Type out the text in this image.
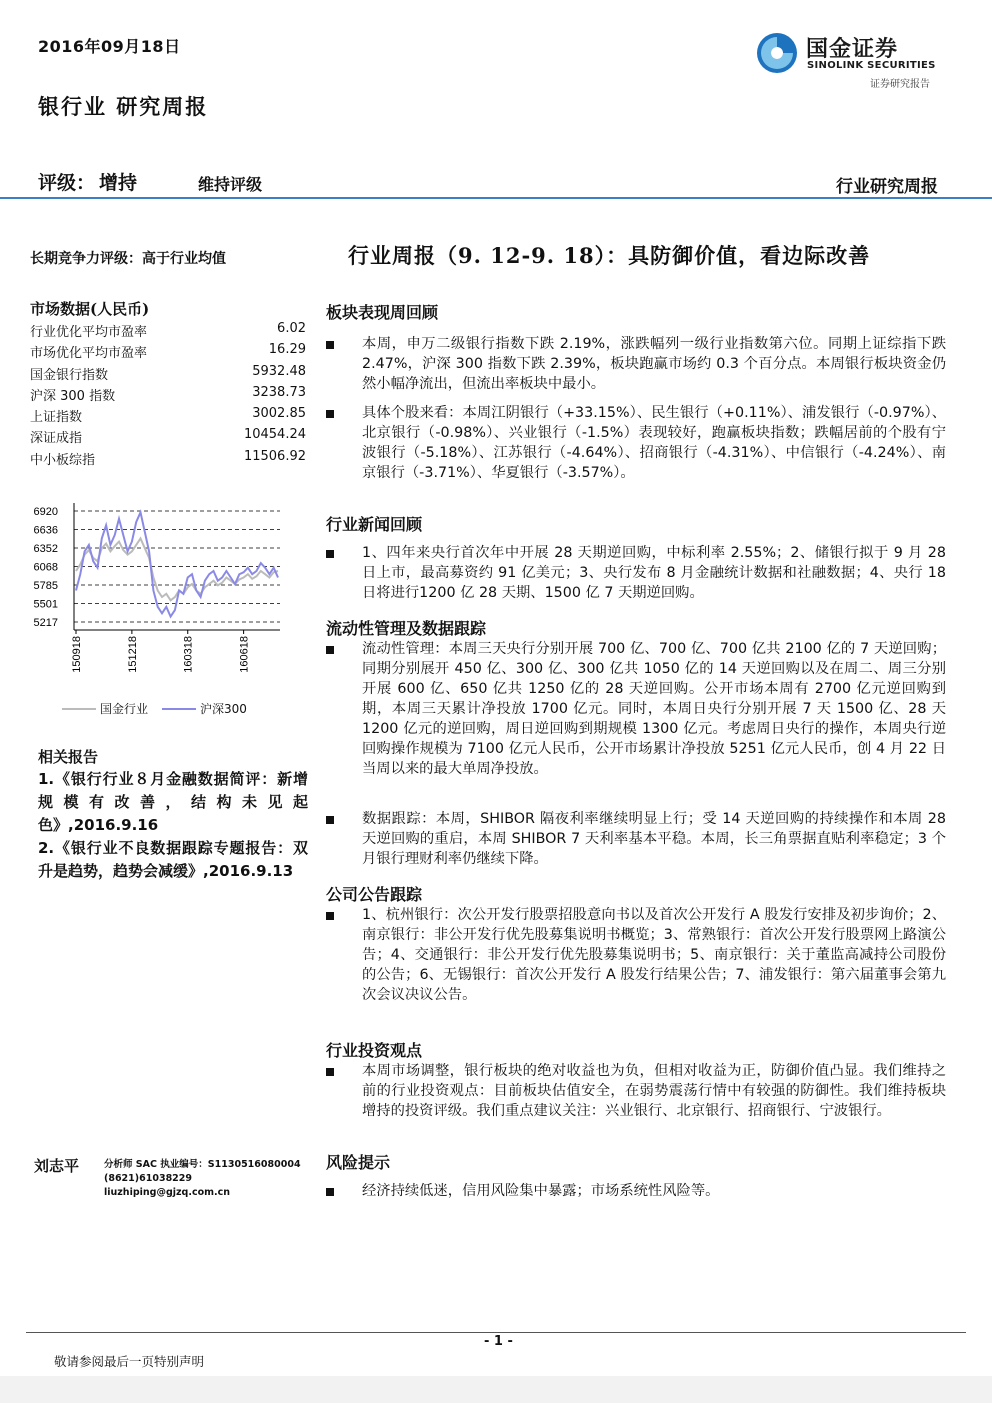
2016年09月18日	国金证券
SINOLINK SECURITIES
证券研究报告
银行业 研究周报
评级： 增持	维持评级	行业研究周报
长期竞争力评级：高于行业均值
市场数据(人民币)
行业优化平均市盈率	6.02
市场优化平均市盈率	16.29
国金银行指数	5932.48
沪深 300 指数	3238.73
上证指数	3002.85
深证成指	10454.24
中小板综指	11506.92
6920
6636
6352
6068
5785
5501
5217
150918	151218	160318	160618
国金行业	沪深300
相关报告
1.《银行行业８月金融数据简评：新增规模有改善，结构未见起色》,2016.9.16
2.《银行业不良数据跟踪专题报告：双升是趋势，趋势会减缓》,2016.9.13
刘志平	分析师 SAC 执业编号：S1130516080004
(8621)61038229
liuzhiping@gjzq.com.cn
行业周报（9. 12-9. 18）：具防御价值，看边际改善
板块表现周回顾
本周，申万二级银行指数下跌 2.19%，涨跌幅列一级行业指数第六位。同期上证综指下跌 2.47%，沪深 300 指数下跌 2.39%，板块跑赢市场约 0.3 个百分点。本周银行板块资金仍然小幅净流出，但流出率板块中最小。
具体个股来看：本周江阴银行（+33.15%）、民生银行（+0.11%）、浦发银行（-0.97%）、北京银行（-0.98%）、兴业银行（-1.5%）表现较好，跑赢板块指数；跌幅居前的个股有宁波银行（-5.18%）、江苏银行（-4.64%）、招商银行（-4.31%）、中信银行（-4.24%）、南京银行（-3.71%）、华夏银行（-3.57%）。
行业新闻回顾
1、四年来央行首次年中开展 28 天期逆回购，中标利率 2.55%；2、储银行拟于 9 月 28 日上市，最高募资约 91 亿美元；3、央行发布 8 月金融统计数据和社融数据；4、央行 18 日将进行1200 亿 28 天期、1500 亿 7 天期逆回购。
流动性管理及数据跟踪
流动性管理：本周三天央行分别开展 700 亿、700 亿、700 亿共 2100 亿的 7 天逆回购；同期分别展开 450 亿、300 亿、300 亿共 1050 亿的 14 天逆回购以及在周二、周三分别开展 600 亿、650 亿共 1250 亿的 28 天逆回购。公开市场本周有 2700 亿元逆回购到期，本周三天累计净投放 1700 亿元。同时，本周日央行分别开展 7 天 1500 亿、28 天 1200 亿元的逆回购，周日逆回购到期规模 1300 亿元。考虑周日央行的操作，本周央行逆回购操作规模为 7100 亿元人民币，公开市场累计净投放 5251 亿元人民币，创 4 月 22 日当周以来的最大单周净投放。
数据跟踪：本周，SHIBOR 隔夜利率继续明显上行；受 14 天逆回购的持续操作和本周 28 天逆回购的重启，本周 SHIBOR 7 天利率基本平稳。本周，长三角票据直贴利率稳定；3 个月银行理财利率仍继续下降。
公司公告跟踪
1、杭州银行：次公开发行股票招股意向书以及首次公开发行 A 股发行安排及初步询价；2、南京银行：非公开发行优先股募集说明书概览；3、常熟银行：首次公开发行股票网上路演公告；4、交通银行：非公开发行优先股募集说明书；5、南京银行：关于董监高减持公司股份的公告；6、无锡银行：首次公开发行 A 股发行结果公告；7、浦发银行：第六届董事会第九次会议决议公告。
行业投资观点
本周市场调整，银行板块的绝对收益也为负，但相对收益为正，防御价值凸显。我们维持之前的行业投资观点：目前板块估值安全，在弱势震荡行情中有较强的防御性。我们维持板块增持的投资评级。我们重点建议关注：兴业银行、北京银行、招商银行、宁波银行。
风险提示
经济持续低迷，信用风险集中暴露；市场系统性风险等。
- 1 -
敬请参阅最后一页特别声明
